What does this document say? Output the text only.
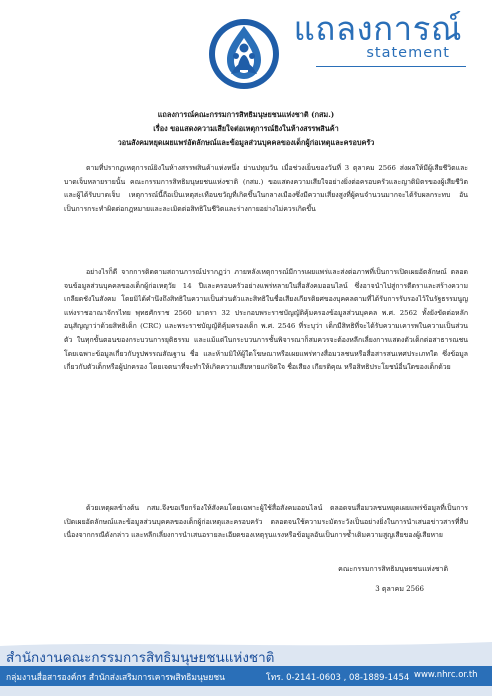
แถลงการณ์
statement
แถลงการณ์คณะกรรมการสิทธิมนุษยชนแห่งชาติ (กสม.)
เรื่อง ขอแสดงความเสียใจต่อเหตุการณ์ยิงในห้างสรรพสินค้า
วอนสังคมหยุดเผยแพร่อัตลักษณ์และข้อมูลส่วนบุคคลของเด็กผู้ก่อเหตุและครอบครัว

ตามที่ปรากฏเหตุการณ์ยิงในห้างสรรพสินค้าแห่งหนึ่ง ย่านปทุมวัน เมื่อช่วงเย็นของวันที่ 3 ตุลาคม 2566 ส่งผลให้มีผู้เสียชีวิตและบาดเจ็บหลายรายนั้น คณะกรรมการสิทธิมนุษยชนแห่งชาติ (กสม.) ขอแสดงความเสียใจอย่างยิ่งต่อครอบครัวและญาติมิตรของผู้เสียชีวิตและผู้ได้รับบาดเจ็บ เหตุการณ์นี้ถือเป็นเหตุสะเทือนขวัญที่เกิดขึ้นในกลางเมืองซึ่งมีความเสี่ยงสูงที่ผู้คนจำนวนมากจะได้รับผลกระทบ อันเป็นการกระทำผิดต่อกฎหมายและละเมิดต่อสิทธิในชีวิตและร่างกายอย่างไม่ควรเกิดขึ้น

อย่างไรก็ดี จากการติดตามสถานการณ์ปรากฏว่า ภายหลังเหตุการณ์มีการเผยแพร่และส่งต่อภาพที่เป็นการเปิดเผยอัตลักษณ์ ตลอดจนข้อมูลส่วนบุคคลของเด็กผู้ก่อเหตุวัย 14 ปีและครอบครัวอย่างแพร่หลายในสื่อสังคมออนไลน์ ซึ่งอาจนำไปสู่การตีตราและสร้างความเกลียดชังในสังคม โดยมิได้คำนึงถึงสิทธิในความเป็นส่วนตัวและสิทธิในชื่อเสียงเกียรติยศของบุคคลตามที่ได้รับการรับรองไว้ในรัฐธรรมนูญแห่งราชอาณาจักรไทย พุทธศักราช 2560 มาตรา 32 ประกอบพระราชบัญญัติคุ้มครองข้อมูลส่วนบุคคล พ.ศ. 2562 ทั้งยังขัดต่อหลักอนุสัญญาว่าด้วยสิทธิเด็ก (CRC) และพระราชบัญญัติคุ้มครองเด็ก พ.ศ. 2546 ที่ระบุว่า เด็กมีสิทธิที่จะได้รับความเคารพในความเป็นส่วนตัว ในทุกขั้นตอนของกระบวนการยุติธรรม และแม้แต่ในกระบวนการชั้นพิจารณาก็สมควรจะต้องหลีกเลี่ยงการแสดงตัวเด็กต่อสาธารณชน โดยเฉพาะข้อมูลเกี่ยวกับรูปพรรณสัณฐาน ชื่อ และห้ามมิให้ผู้ใดโฆษณาหรือเผยแพร่ทางสื่อมวลชนหรือสื่อสารสนเทศประเภทใด ซึ่งข้อมูลเกี่ยวกับตัวเด็กหรือผู้ปกครอง โดยเจตนาที่จะทำให้เกิดความเสียหายแก่จิตใจ ชื่อเสียง เกียรติคุณ หรือสิทธิประโยชน์อื่นใดของเด็กด้วย

ด้วยเหตุผลข้างต้น กสม.จึงขอเรียกร้องให้สังคมโดยเฉพาะผู้ใช้สื่อสังคมออนไลน์ ตลอดจนสื่อมวลชนหยุดเผยแพร่ข้อมูลที่เป็นการเปิดเผยอัตลักษณ์และข้อมูลส่วนบุคคลของเด็กผู้ก่อเหตุและครอบครัว ตลอดจนใช้ความระมัดระวังเป็นอย่างยิ่งในการนำเสนอข่าวสารที่สืบเนื่องจากกรณีดังกล่าว และหลีกเลี่ยงการนำเสนอรายละเอียดของเหตุรุนแรงหรือข้อมูลอันเป็นการซ้ำเติมความสูญเสียของผู้เสียหาย

คณะกรรมการสิทธิมนุษยชนแห่งชาติ
3 ตุลาคม 2566
สำนักงานคณะกรรมการสิทธิมนุษยชนแห่งชาติ
กลุ่มงานสื่อสารองค์กร สำนักส่งเสริมการเคารพสิทธิมนุษยชน	โทร. 0-2141-0603 , 08-1889-1454 www.nhrc.or.th
